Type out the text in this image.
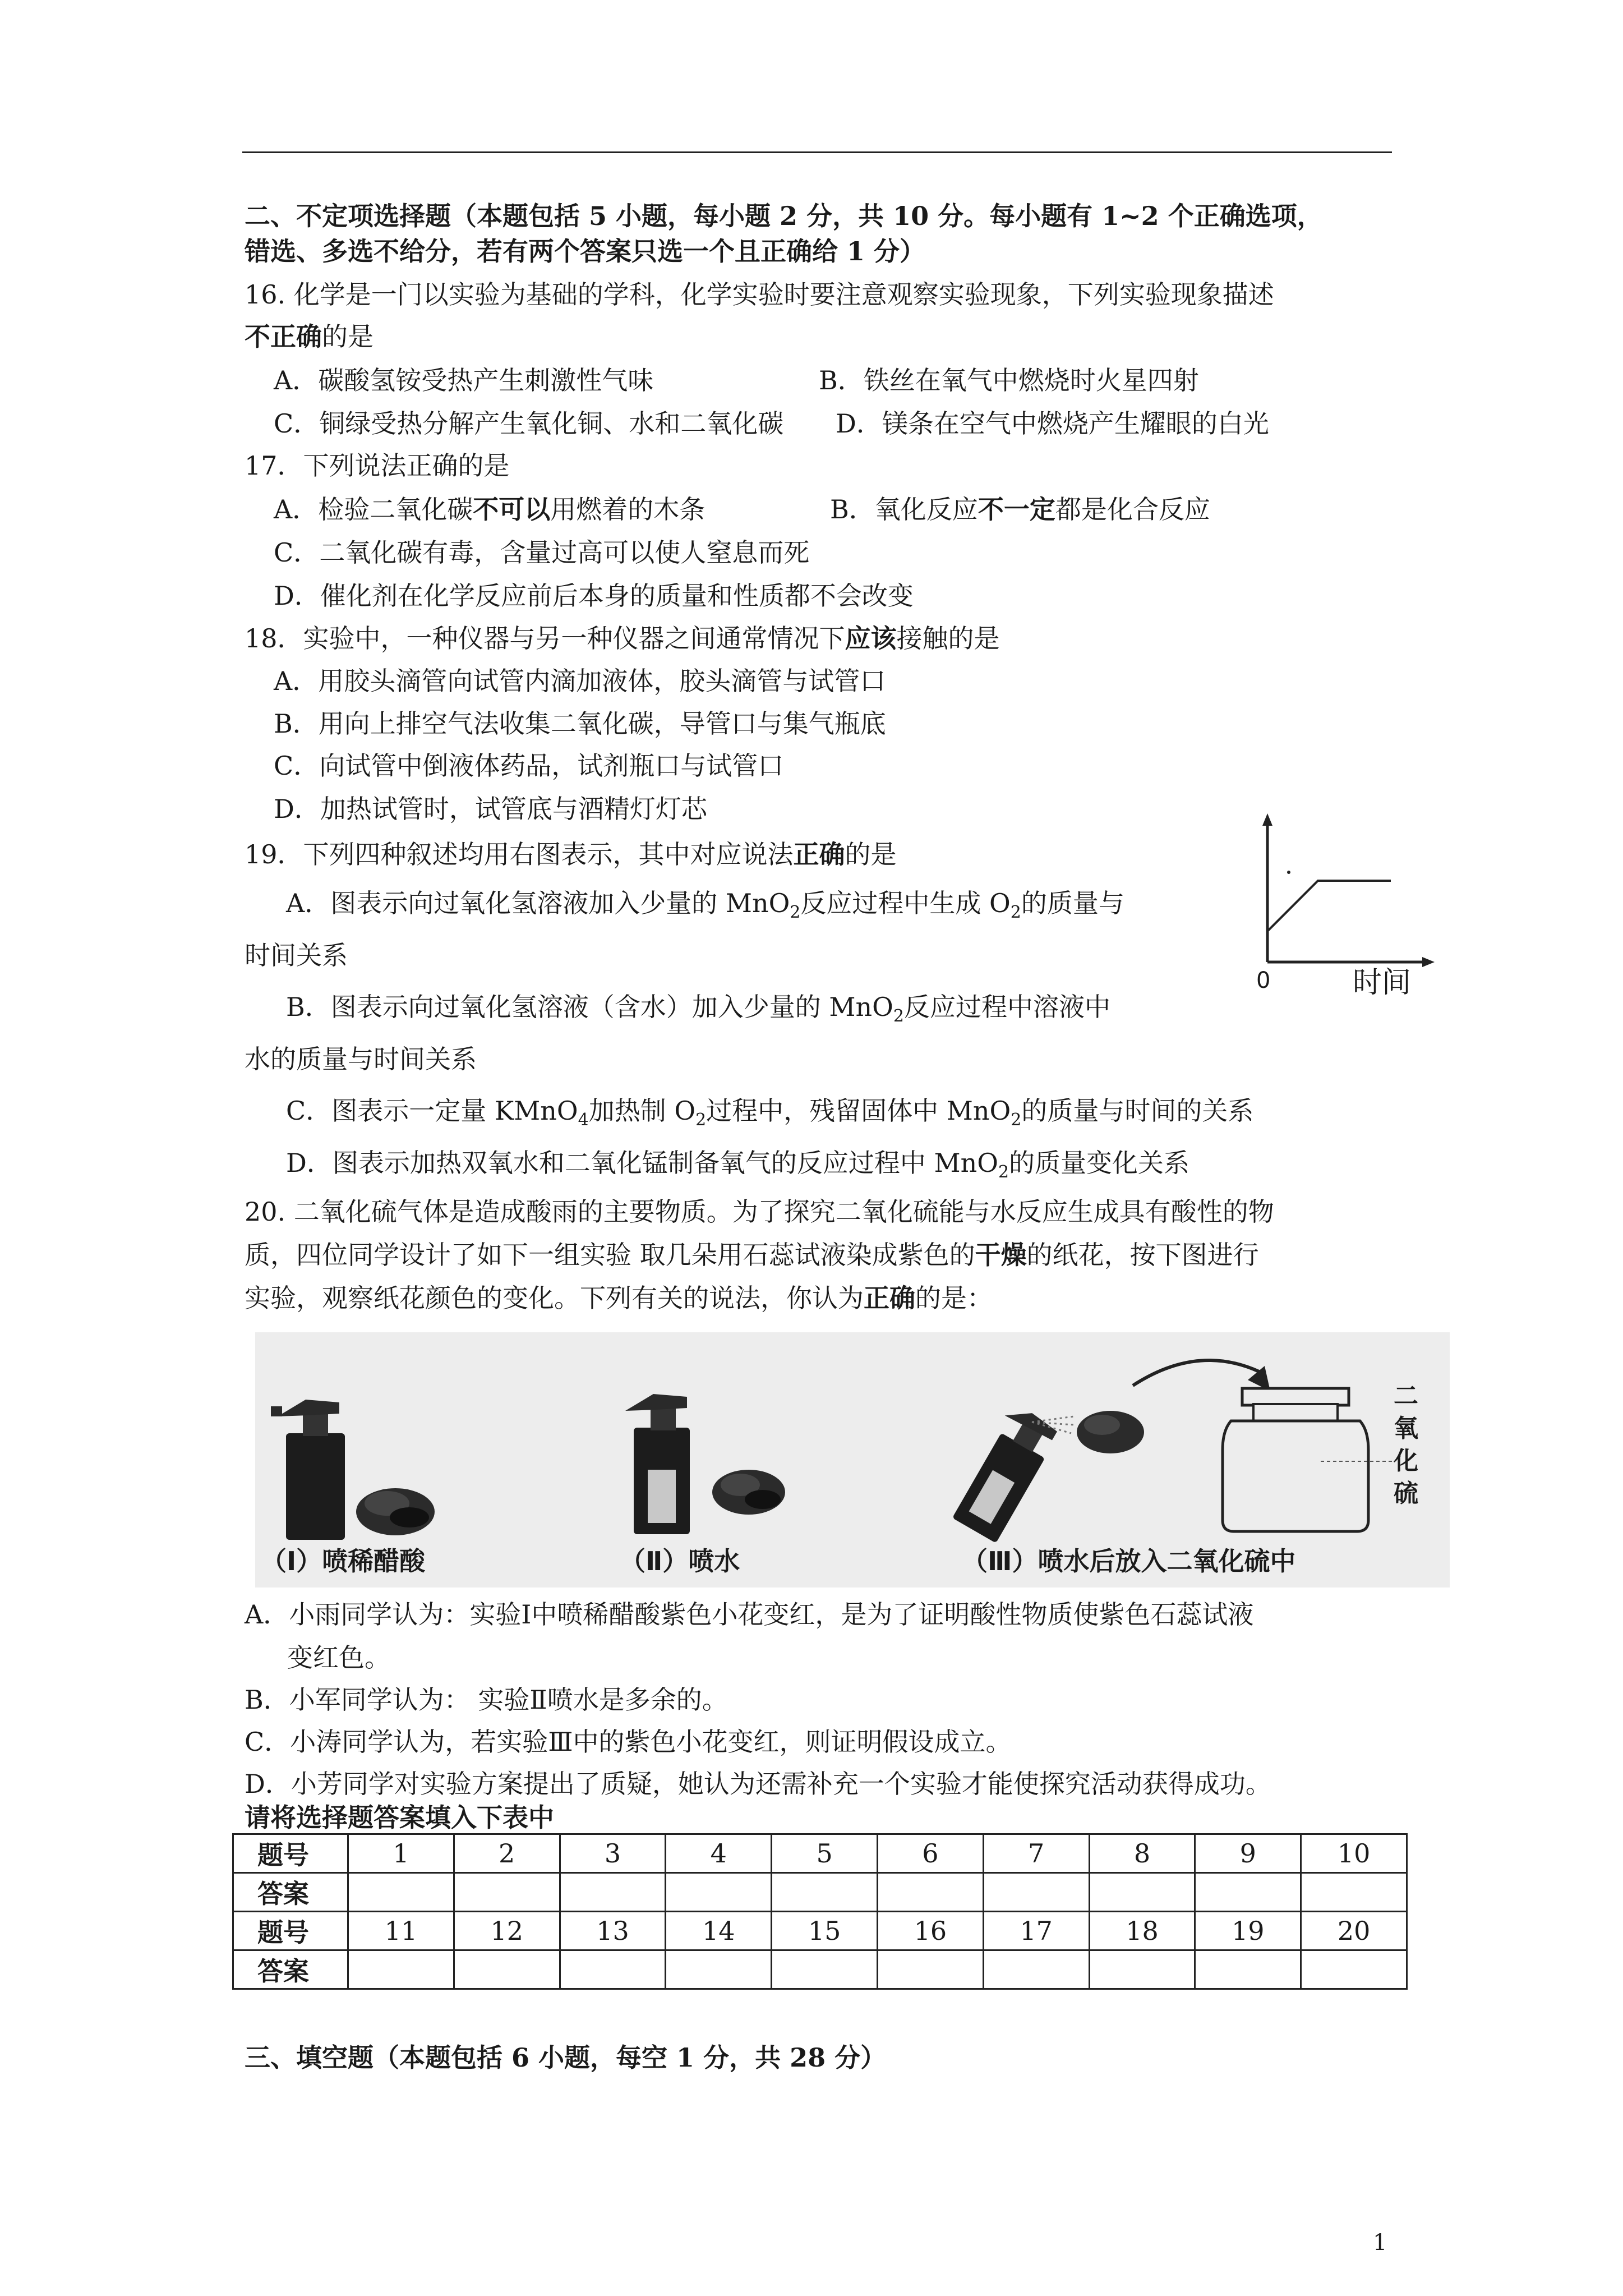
二、不定项选择题（本题包括 5 小题，每小题 2 分，共 10 分。每小题有 1~2 个正确选项，
错选、多选不给分，若有两个答案只选一个且正确给 1 分）
16. 化学是一门以实验为基础的学科，化学实验时要注意观察实验现象，下列实验现象描述
不正确的是
A．碳酸氢铵受热产生刺激性气味	B．铁丝在氧气中燃烧时火星四射
C．铜绿受热分解产生氧化铜、水和二氧化碳 D．镁条在空气中燃烧产生耀眼的白光
17．下列说法正确的是
A．检验二氧化碳不可以用燃着的木条	B．氧化反应不一定都是化合反应
C．二氧化碳有毒，含量过高可以使人窒息而死
D．催化剂在化学反应前后本身的质量和性质都不会改变
18．实验中，一种仪器与另一种仪器之间通常情况下应该接触的是
A．用胶头滴管向试管内滴加液体，胶头滴管与试管口
B．用向上排空气法收集二氧化碳，导管口与集气瓶底
C．向试管中倒液体药品，试剂瓶口与试管口
D．加热试管时，试管底与酒精灯灯芯
19．下列四种叙述均用右图表示，其中对应说法正确的是
A．图表示向过氧化氢溶液加入少量的 MnO$_2$反应过程中生成 $O_2$的质量与
时间关系
B．图表示向过氧化氢溶液（含水）加入少量的 MnO$_2$反应过程中溶液中
水的质量与时间关系
C．图表示一定量 KMnO$_4$加热制 $O_2$过程中，残留固体中 MnO$_2$的质量与时间的关系
D．图表示加热双氧水和二氧化锰制备氧气的反应过程中 MnO$_2$的质量变化关系
0	时间
20. 二氧化硫气体是造成酸雨的主要物质。为了探究二氧化硫能与水反应生成具有酸性的物
质，四位同学设计了如下一组实验 取几朵用石蕊试液染成紫色的干燥的纸花，按下图进行
实验，观察纸花颜色的变化。下列有关的说法，你认为正确的是：
（Ⅰ）喷稀醋酸	（Ⅱ）喷水	（Ⅲ）喷水后放入二氧化硫中
二
氧
化
硫
A．小雨同学认为：实验Ⅰ中喷稀醋酸紫色小花变红，是为了证明酸性物质使紫色石蕊试液
变红色。
B．小军同学认为： 实验Ⅱ喷水是多余的。
C．小涛同学认为，若实验Ⅲ中的紫色小花变红，则证明假设成立。
D．小芳同学对实验方案提出了质疑，她认为还需补充一个实验才能使探究活动获得成功。
请将选择题答案填入下表中
题号	1	2	3	4	5	6	7	8	9	10
答案										
题号	11	12	13	14	15	16	17	18	19	20
答案										
三、填空题（本题包括 6 小题，每空 1 分，共 28 分）
1
